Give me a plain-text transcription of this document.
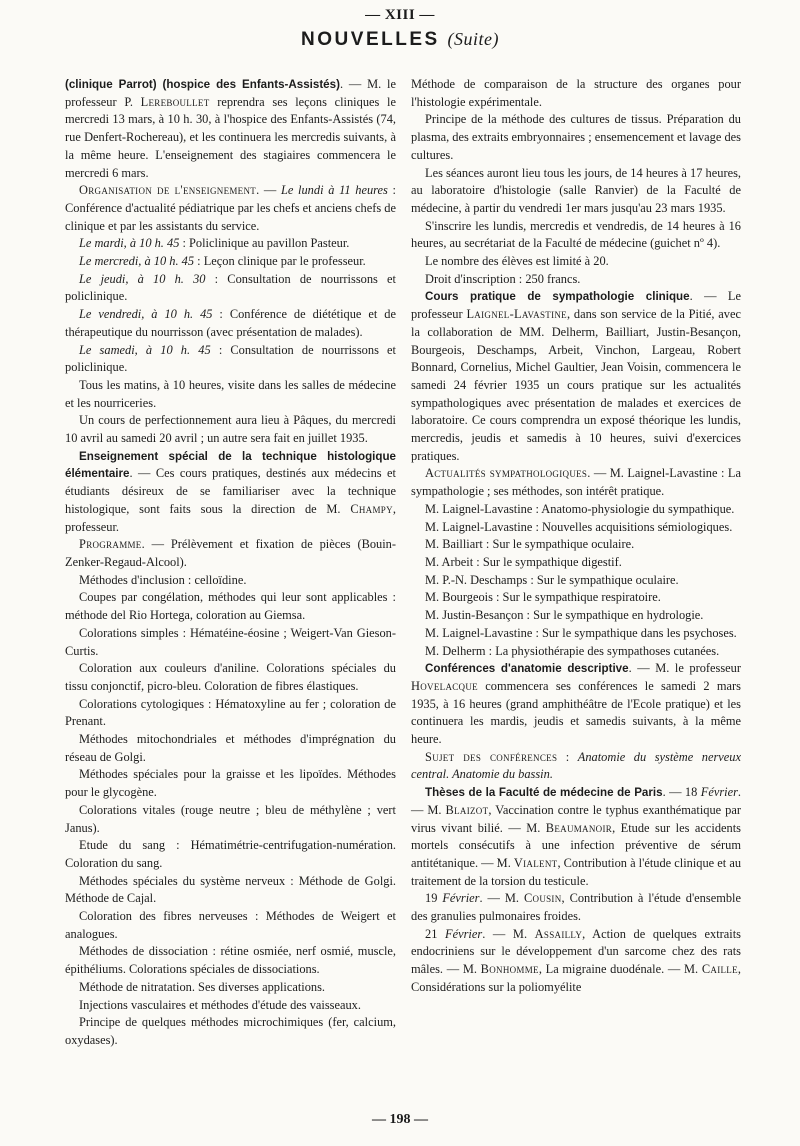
— XIII —
NOUVELLES (Suite)

(clinique Parrot) (hospice des Enfants-Assistés). — M. le professeur P. Lereboullet reprendra ses leçons cliniques le mercredi 13 mars, à 10 h. 30, à l'hospice des Enfants-Assistés (74, rue Denfert-Rochereau), et les continuera les mercredis suivants, à la même heure. L'enseignement des stagiaires commencera le mercredi 6 mars.

Organisation de l'enseignement. — Le lundi à 11 heures : Conférence d'actualité pédiatrique par les chefs et anciens chefs de clinique et par les assistants du service.

Le mardi, à 10 h. 45 : Policlinique au pavillon Pasteur.

Le mercredi, à 10 h. 45 : Leçon clinique par le professeur.

Le jeudi, à 10 h. 30 : Consultation de nourrissons et policlinique.

Le vendredi, à 10 h. 45 : Conférence de diététique et de thérapeutique du nourrisson (avec présentation de malades).

Le samedi, à 10 h. 45 : Consultation de nourrissons et policlinique.

Tous les matins, à 10 heures, visite dans les salles de médecine et les nourriceries.

Un cours de perfectionnement aura lieu à Pâques, du mercredi 10 avril au samedi 20 avril ; un autre sera fait en juillet 1935.

Enseignement spécial de la technique histologique élémentaire. — Ces cours pratiques, destinés aux médecins et étudiants désireux de se familiariser avec la technique histologique, sont faits sous la direction de M. Champy, professeur.

Programme. — Prélèvement et fixation de pièces (Bouin-Zenker-Regaud-Alcool).

Méthodes d'inclusion : celloïdine.

Coupes par congélation, méthodes qui leur sont applicables : méthode del Rio Hortega, coloration au Giemsa.

Colorations simples : Hématéine-éosine ; Weigert-Van Gieson-Curtis.

Coloration aux couleurs d'aniline. Colorations spéciales du tissu conjonctif, picro-bleu. Coloration de fibres élastiques.

Colorations cytologiques : Hématoxyline au fer ; coloration de Prenant.

Méthodes mitochondriales et méthodes d'imprégnation du réseau de Golgi.

Méthodes spéciales pour la graisse et les lipoïdes. Méthodes pour le glycogène.

Colorations vitales (rouge neutre ; bleu de méthylène ; vert Janus).

Etude du sang : Hématimétrie-centrifugation-numération. Coloration du sang.

Méthodes spéciales du système nerveux : Méthode de Golgi. Méthode de Cajal.

Coloration des fibres nerveuses : Méthodes de Weigert et analogues.

Méthodes de dissociation : rétine osmiée, nerf osmié, muscle, épithéliums. Colorations spéciales de dissociations.

Méthode de nitratation. Ses diverses applications.

Injections vasculaires et méthodes d'étude des vaisseaux.

Principe de quelques méthodes microchimiques (fer, calcium, oxydases).

Méthode de comparaison de la structure des organes pour l'histologie expérimentale.

Principe de la méthode des cultures de tissus. Préparation du plasma, des extraits embryonnaires ; ensemencement et lavage des cultures.

Les séances auront lieu tous les jours, de 14 heures à 17 heures, au laboratoire d'histologie (salle Ranvier) de la Faculté de médecine, à partir du vendredi 1er mars jusqu'au 23 mars 1935.

S'inscrire les lundis, mercredis et vendredis, de 14 heures à 16 heures, au secrétariat de la Faculté de médecine (guichet nº 4).

Le nombre des élèves est limité à 20.

Droit d'inscription : 250 francs.

Cours pratique de sympathologie clinique. — Le professeur Laignel-Lavastine, dans son service de la Pitié, avec la collaboration de MM. Delherm, Bailliart, Justin-Besançon, Bourgeois, Deschamps, Arbeit, Vinchon, Largeau, Robert Bonnard, Cornelius, Michel Gaultier, Jean Voisin, commencera le samedi 24 février 1935 un cours pratique sur les actualités sympathologiques avec présentation de malades et exercices de laboratoire. Ce cours comprendra un exposé théorique les lundis, mercredis, jeudis et samedis à 10 heures, suivi d'exercices pratiques.

Actualités sympathologiques. — M. Laignel-Lavastine : La sympathologie ; ses méthodes, son intérêt pratique.

M. Laignel-Lavastine : Anatomo-physiologie du sympathique.

M. Laignel-Lavastine : Nouvelles acquisitions sémiologiques.

M. Bailliart : Sur le sympathique oculaire.

M. Arbeit : Sur le sympathique digestif.

M. P.-N. Deschamps : Sur le sympathique oculaire.

M. Bourgeois : Sur le sympathique respiratoire.

M. Justin-Besançon : Sur le sympathique en hydrologie.

M. Laignel-Lavastine : Sur le sympathique dans les psychoses.

M. Delherm : La physiothérapie des sympathoses cutanées.

Conférences d'anatomie descriptive. — M. le professeur Hovelacque commencera ses conférences le samedi 2 mars 1935, à 16 heures (grand amphithéâtre de l'Ecole pratique) et les continuera les mardis, jeudis et samedis suivants, à la même heure.

Sujet des conférences : Anatomie du système nerveux central. Anatomie du bassin.

Thèses de la Faculté de médecine de Paris. — 18 Février. — M. Blaizot, Vaccination contre le typhus exanthématique par virus vivant bilié. — M. Beaumanoir, Etude sur les accidents mortels consécutifs à une infection préventive de sérum antitétanique. — M. Vialent, Contribution à l'étude clinique et au traitement de la torsion du testicule.

19 Février. — M. Cousin, Contribution à l'étude d'ensemble des granulies pulmonaires froides.

21 Février. — M. Assailly, Action de quelques extraits endocriniens sur le développement d'un sarcome chez des rats mâles. — M. Bonhomme, La migraine duodénale. — M. Caille, Considérations sur la poliomyélite

— 198 —
